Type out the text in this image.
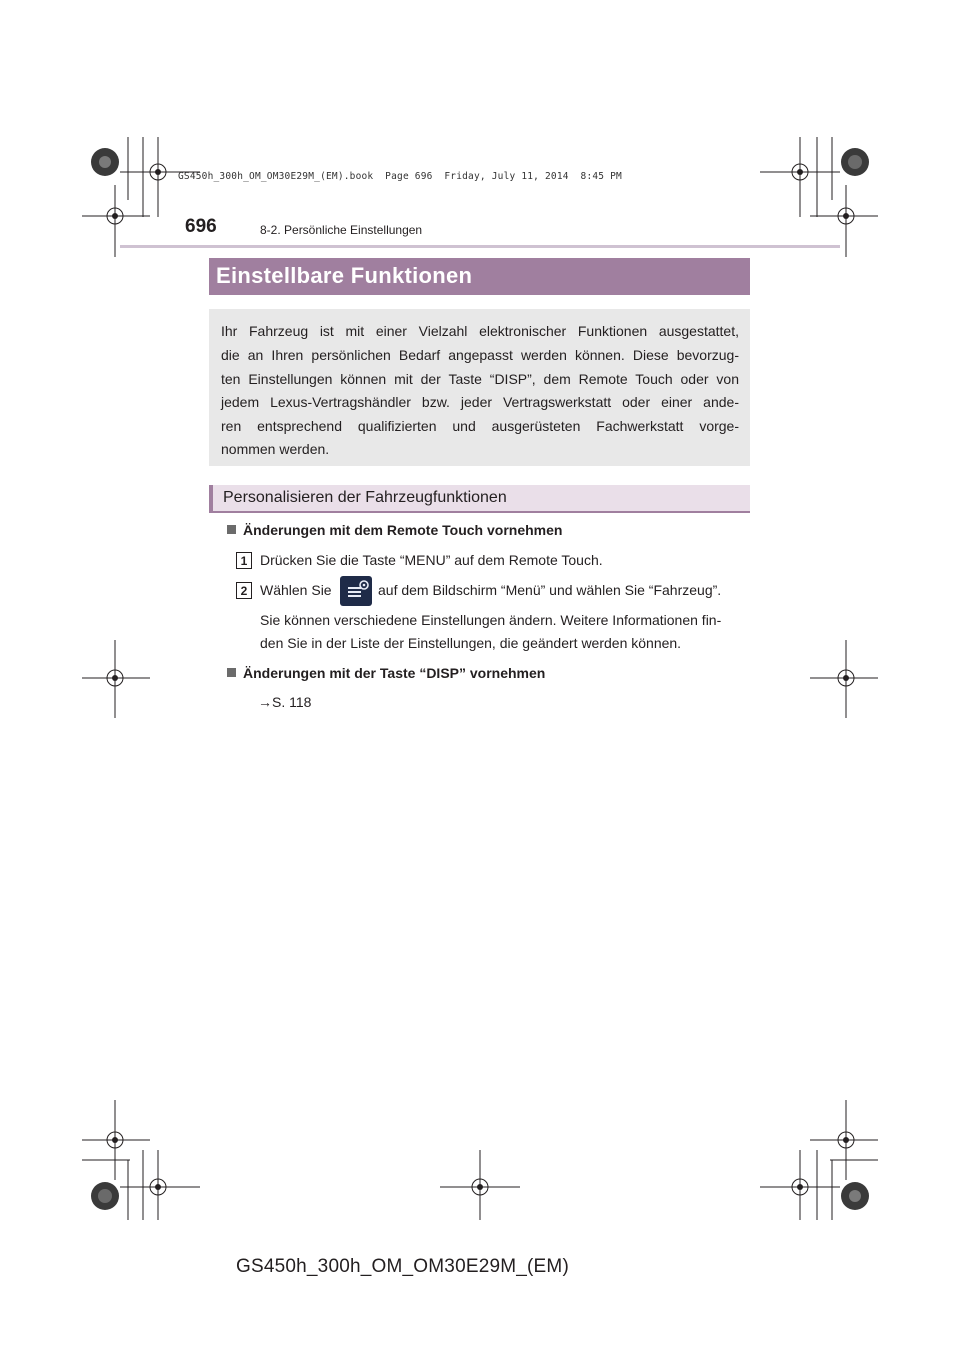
GS450h_300h_OM_OM30E29M_(EM).book  Page 696  Friday, July 11, 2014  8:45 PM
696	8-2. Persönliche Einstellungen
Einstellbare Funktionen
Ihr Fahrzeug ist mit einer Vielzahl elektronischer Funktionen ausgestattet,
die an Ihren persönlichen Bedarf angepasst werden können. Diese bevorzug-
ten Einstellungen können mit der Taste “DISP”, dem Remote Touch oder von
jedem Lexus-Vertragshändler bzw. jeder Vertragswerkstatt oder einer ande-
ren entsprechend qualifizierten und ausgerüsteten Fachwerkstatt vorge-
nommen werden.
Personalisieren der Fahrzeugfunktionen
Änderungen mit dem Remote Touch vornehmen
1 Drücken Sie die Taste “MENU” auf dem Remote Touch.
2 Wählen Sie	auf dem Bildschirm “Menü” und wählen Sie “Fahrzeug”.
Sie können verschiedene Einstellungen ändern. Weitere Informationen fin-
den Sie in der Liste der Einstellungen, die geändert werden können.
Änderungen mit der Taste “DISP” vornehmen
→S. 118
GS450h_300h_OM_OM30E29M_(EM)
